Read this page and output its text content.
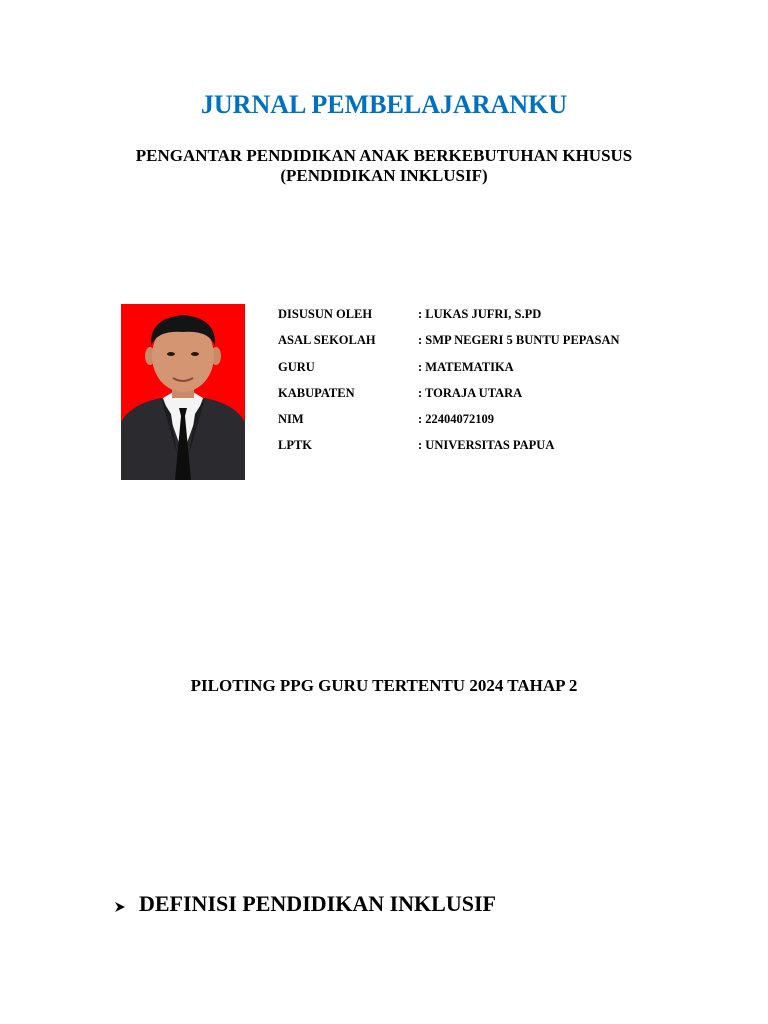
JURNAL PEMBELAJARANKU
PENGANTAR PENDIDIKAN ANAK BERKEBUTUHAN KHUSUS
(PENDIDIKAN INKLUSIF)
DISUSUN OLEH	: LUKAS JUFRI, S.PD
ASAL SEKOLAH	: SMP NEGERI 5 BUNTU PEPASAN
GURU	: MATEMATIKA
KABUPATEN	: TORAJA UTARA
NIM	: 22404072109
LPTK	: UNIVERSITAS PAPUA

PILOTING PPG GURU TERTENTU 2024 TAHAP 2

DEFINISI PENDIDIKAN INKLUSIF
